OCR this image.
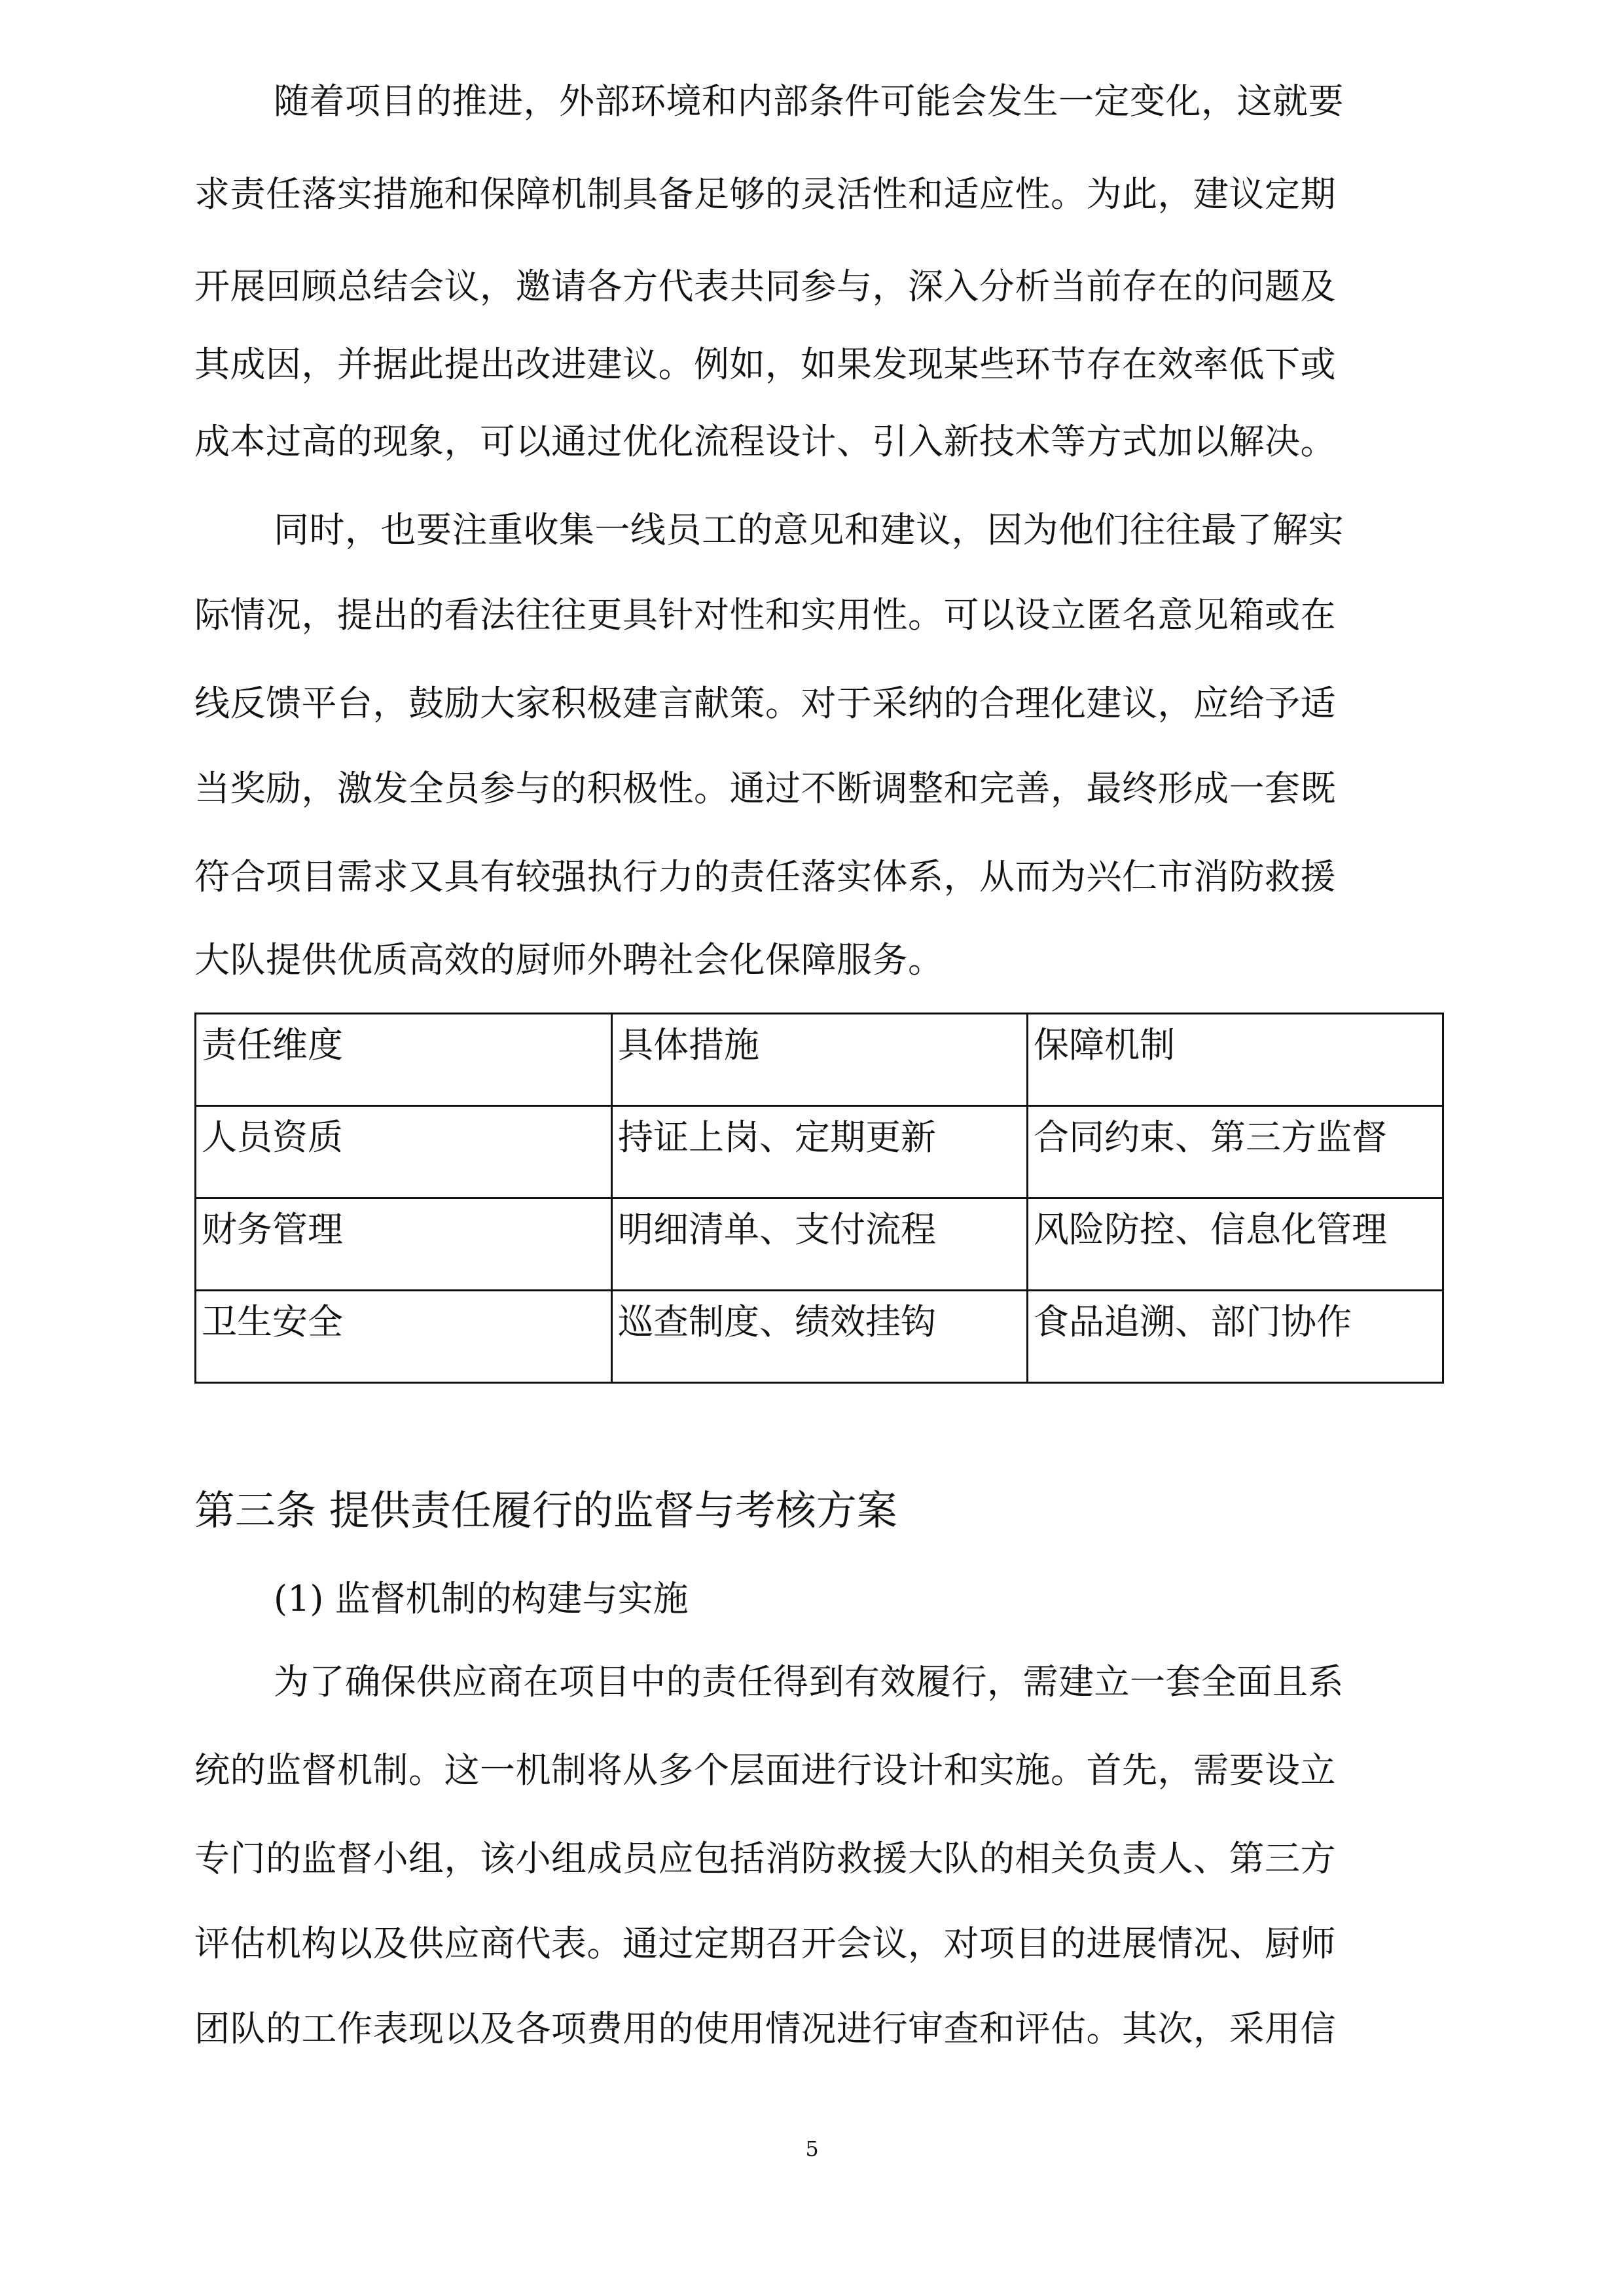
随着项目的推进，外部环境和内部条件可能会发生一定变化，这就要
求责任落实措施和保障机制具备足够的灵活性和适应性。为此，建议定期
开展回顾总结会议，邀请各方代表共同参与，深入分析当前存在的问题及
其成因，并据此提出改进建议。例如，如果发现某些环节存在效率低下或
成本过高的现象，可以通过优化流程设计、引入新技术等方式加以解决。
同时，也要注重收集一线员工的意见和建议，因为他们往往最了解实
际情况，提出的看法往往更具针对性和实用性。可以设立匿名意见箱或在
线反馈平台，鼓励大家积极建言献策。对于采纳的合理化建议，应给予适
当奖励，激发全员参与的积极性。通过不断调整和完善，最终形成一套既
符合项目需求又具有较强执行力的责任落实体系，从而为兴仁市消防救援
大队提供优质高效的厨师外聘社会化保障服务。
责任维度	具体措施	保障机制

人员资质	持证上岗、定期更新	合同约束、第三方监督

财务管理	明细清单、支付流程	风险防控、信息化管理

卫生安全	巡查制度、绩效挂钩	食品追溯、部门协作
第三条 提供责任履行的监督与考核方案
(1) 监督机制的构建与实施
为了确保供应商在项目中的责任得到有效履行，需建立一套全面且系
统的监督机制。这一机制将从多个层面进行设计和实施。首先，需要设立
专门的监督小组，该小组成员应包括消防救援大队的相关负责人、第三方
评估机构以及供应商代表。通过定期召开会议，对项目的进展情况、厨师
团队的工作表现以及各项费用的使用情况进行审查和评估。其次，采用信
5
